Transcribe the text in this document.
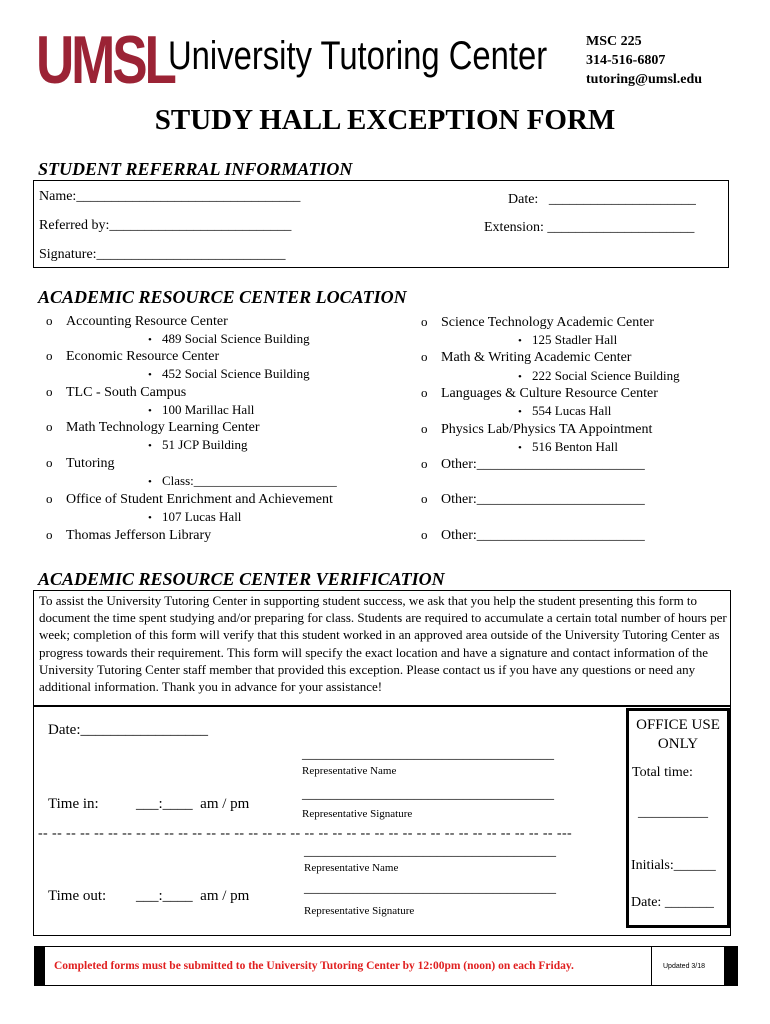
UMSL
University Tutoring Center	MSC 225
314-516-6807
tutoring@umsl.edu
STUDY HALL EXCEPTION FORM
STUDENT REFERRAL INFORMATION
Name:________________________________	Date: _____________________
Referred by:__________________________	Extension: _____________________
Signature:___________________________
ACADEMIC RESOURCE CENTER LOCATION
o Accounting Resource Center
• 489 Social Science Building
o Economic Resource Center
• 452 Social Science Building
o TLC - South Campus
• 100 Marillac Hall
o Math Technology Learning Center
• 51 JCP Building
o Tutoring
• Class:______________________
o Office of Student Enrichment and Achievement
• 107 Lucas Hall
o Thomas Jefferson Library
o Science Technology Academic Center
• 125 Stadler Hall
o Math & Writing Academic Center
• 222 Social Science Building
o Languages & Culture Resource Center
• 554 Lucas Hall
o Physics Lab/Physics TA Appointment
• 516 Benton Hall
o Other:________________________
o Other:________________________
o Other:________________________
ACADEMIC RESOURCE CENTER VERIFICATION
To assist the University Tutoring Center in supporting student success, we ask that you help the student presenting this form to document the time spent studying and/or preparing for class. Students are required to accumulate a certain total number of hours per week; completion of this form will verify that this student worked in an approved area outside of the University Tutoring Center as progress towards their requirement. This form will specify the exact location and have a signature and contact information of the University Tutoring Center staff member that provided this exception. Please contact us if you have any questions or need any additional information. Thank you in advance for your assistance!
Date:_________________
____________________________________
Representative Name
Time in: ___:____ am / pm
____________________________________
Representative Signature
-- -- -- -- -- -- -- -- -- -- -- -- -- -- -- -- -- -- -- -- -- -- -- -- -- -- -- -- -- -- -- -- -- -- -- -- -- ---
____________________________________
Representative Name
Time out: ___:____ am / pm	____________________________________
Representative Signature
OFFICE USE
ONLY
Total time:
__________
Initials:______
Date: _______
Completed forms must be submitted to the University Tutoring Center by 12:00pm (noon) on each Friday.	Updated 3/18
